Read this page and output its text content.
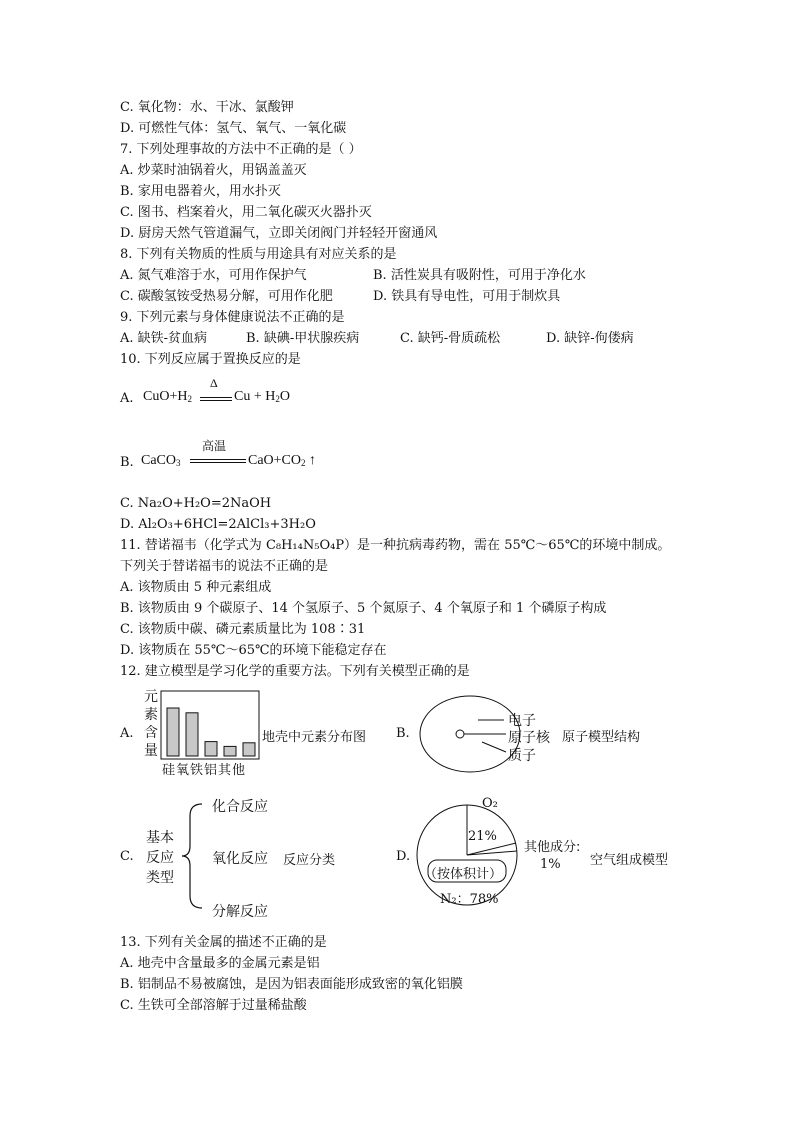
C. 氧化物：水、干冰、氯酸钾
D. 可燃性气体：氢气、氧气、一氧化碳
7. 下列处理事故的方法中不正确的是（ ）
A. 炒菜时油锅着火，用锅盖盖灭
B. 家用电器着火，用水扑灭
C. 图书、档案着火，用二氧化碳灭火器扑灭
D. 厨房天然气管道漏气，立即关闭阀门并轻轻开窗通风
8. 下列有关物质的性质与用途具有对应关系的是
A. 氮气难溶于水，可用作保护气	B. 活性炭具有吸附性，可用于净化水
C. 碳酸氢铵受热易分解，可用作化肥	D. 铁具有导电性，可用于制炊具
9. 下列元素与身体健康说法不正确的是
A. 缺铁-贫血病	B. 缺碘-甲状腺疾病	C. 缺钙-骨质疏松	D. 缺锌-佝偻病
10. 下列反应属于置换反应的是
A. $CuO+H_2$
Δ
$Cu + H_2O$
B. CaCO$_3$
高温
$CaO+CO_2$ ↑
C. Na₂O+H₂O=2NaOH
D. Al₂O₃+6HCl=2AlCl₃+3H₂O
11. 替诺福韦（化学式为 C₈H₁₄N₅O₄P）是一种抗病毒药物，需在 55℃～65℃的环境中制成。
下列关于替诺福韦的说法不正确的是
A. 该物质由 5 种元素组成
B. 该物质由 9 个碳原子、14 个氢原子、5 个氮原子、4 个氧原子和 1 个磷原子构成
C. 该物质中碳、磷元素质量比为 108∶31
D. 该物质在 55℃～65℃的环境下能稳定存在
12. 建立模型是学习化学的重要方法。下列有关模型正确的是
A.
元
素
含
量
硅氧铁铝其他
地壳中元素分布图 B.
电子
原子核
质子
原子模型结构
C.
基本
反应
类型
化合反应
氧化反应
分解反应
反应分类	D.
O₂
21%
其他成分:
1%
（按体积计）
N₂：78%
空气组成模型
13. 下列有关金属的描述不正确的是
A. 地壳中含量最多的金属元素是铝
B. 铝制品不易被腐蚀，是因为铝表面能形成致密的氧化铝膜
C. 生铁可全部溶解于过量稀盐酸
